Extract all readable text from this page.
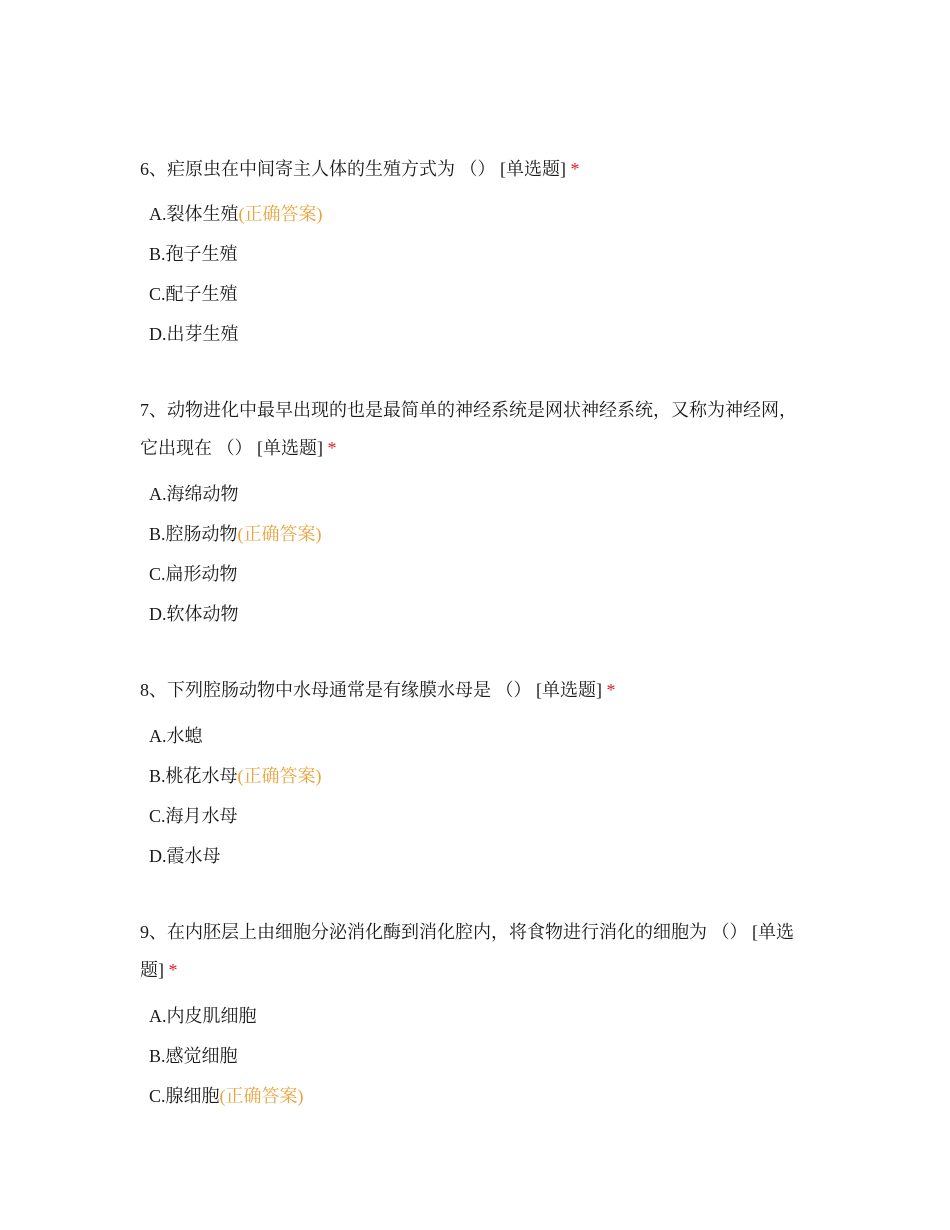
6、疟原虫在中间寄主人体的生殖方式为 （） [单选题] *
A.裂体生殖(正确答案)
B.孢子生殖
C.配子生殖
D.出芽生殖
7、动物进化中最早出现的也是最简单的神经系统是网状神经系统，又称为神经网，它出现在 （） [单选题] *
A.海绵动物
B.腔肠动物(正确答案)
C.扁形动物
D.软体动物
8、下列腔肠动物中水母通常是有缘膜水母是 （） [单选题] *
A.水螅
B.桃花水母(正确答案)
C.海月水母
D.霞水母
9、在内胚层上由细胞分泌消化酶到消化腔内，将食物进行消化的细胞为 （） [单选题] *
A.内皮肌细胞
B.感觉细胞
C.腺细胞(正确答案)
